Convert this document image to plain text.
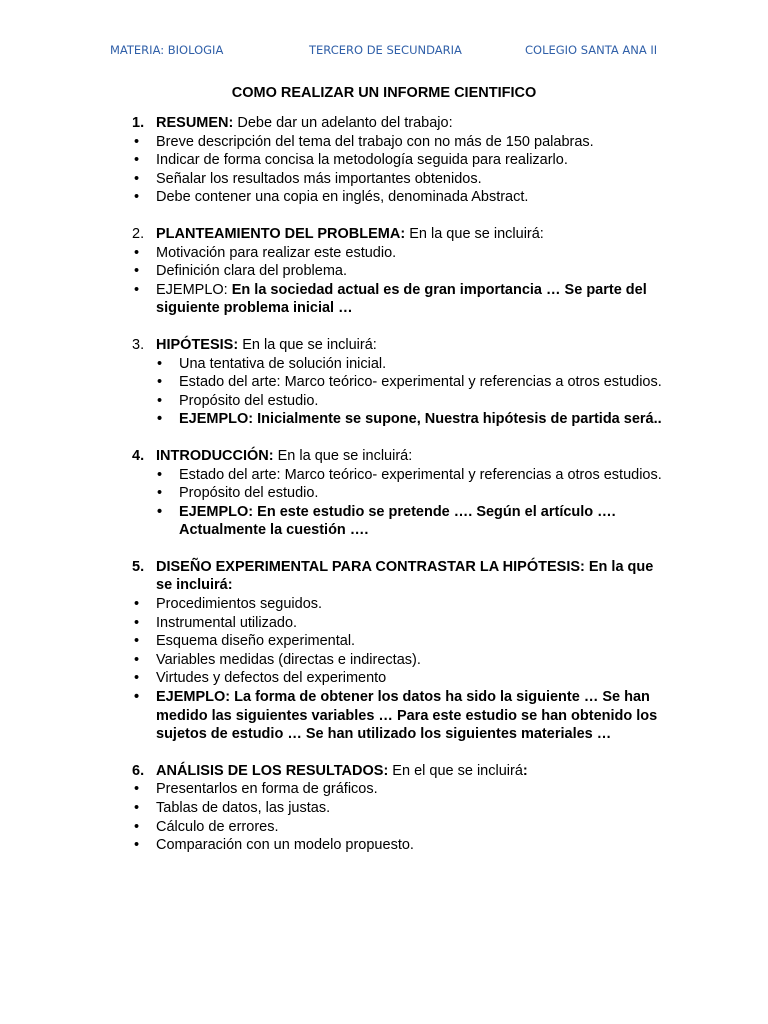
MATERIA: BIOLOGIA	TERCERO DE SECUNDARIA	COLEGIO SANTA ANA II
COMO REALIZAR UN INFORME CIENTIFICO
1. RESUMEN: Debe dar un adelanto del trabajo:
• Breve descripción del tema del trabajo con no más de 150 palabras.
• Indicar de forma concisa la metodología seguida para realizarlo.
• Señalar los resultados más importantes obtenidos.
• Debe contener una copia en inglés, denominada Abstract.
2. PLANTEAMIENTO DEL PROBLEMA: En la que se incluirá:
• Motivación para realizar este estudio.
• Definición clara del problema.
• EJEMPLO: En la sociedad actual es de gran importancia … Se parte del siguiente problema inicial …
3. HIPÓTESIS: En la que se incluirá:
• Una tentativa de solución inicial.
• Estado del arte: Marco teórico- experimental y referencias a otros estudios.
• Propósito del estudio.
• EJEMPLO: Inicialmente se supone, Nuestra hipótesis de partida será..
4. INTRODUCCIÓN: En la que se incluirá:
• Estado del arte: Marco teórico- experimental y referencias a otros estudios.
• Propósito del estudio.
• EJEMPLO: En este estudio se pretende …. Según el artículo …. Actualmente la cuestión ….
5. DISEÑO EXPERIMENTAL PARA CONTRASTAR LA HIPÓTESIS: En la que se incluirá:
• Procedimientos seguidos.
• Instrumental utilizado.
• Esquema diseño experimental.
• Variables medidas (directas e indirectas).
• Virtudes y defectos del experimento
• EJEMPLO: La forma de obtener los datos ha sido la siguiente … Se han medido las siguientes variables … Para este estudio se han obtenido los sujetos de estudio … Se han utilizado los siguientes materiales …
6. ANÁLISIS DE LOS RESULTADOS: En el que se incluirá:
• Presentarlos en forma de gráficos.
• Tablas de datos, las justas.
• Cálculo de errores.
• Comparación con un modelo propuesto.
